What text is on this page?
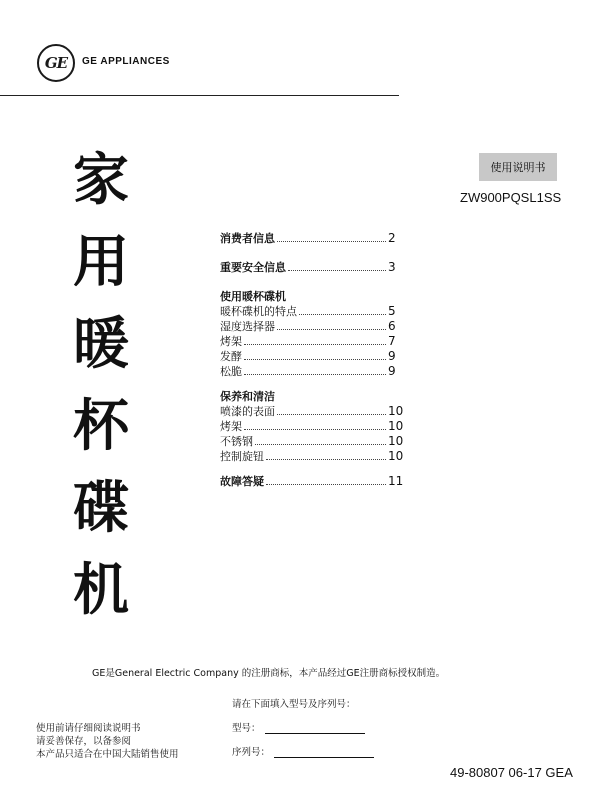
GE GE APPLIANCES
家
用
暖
杯
碟
机
使用说明书
ZW900PQSL1SS
消费者信息	2
重要安全信息	3
使用暖杯碟机
暖杯碟机的特点	5
湿度选择器	6
烤架	7
发酵	9
松脆	9
保养和清洁
喷漆的表面	10
烤架	10
不锈钢	10
控制旋钮	10
故障答疑	11
GE是General Electric Company 的注册商标，本产品经过GE注册商标授权制造。
请在下面填入型号及序列号：
型号：
序列号：
使用前请仔细阅读说明书
请妥善保存，以备参阅
本产品只适合在中国大陆销售使用
49-80807 06-17 GEA
